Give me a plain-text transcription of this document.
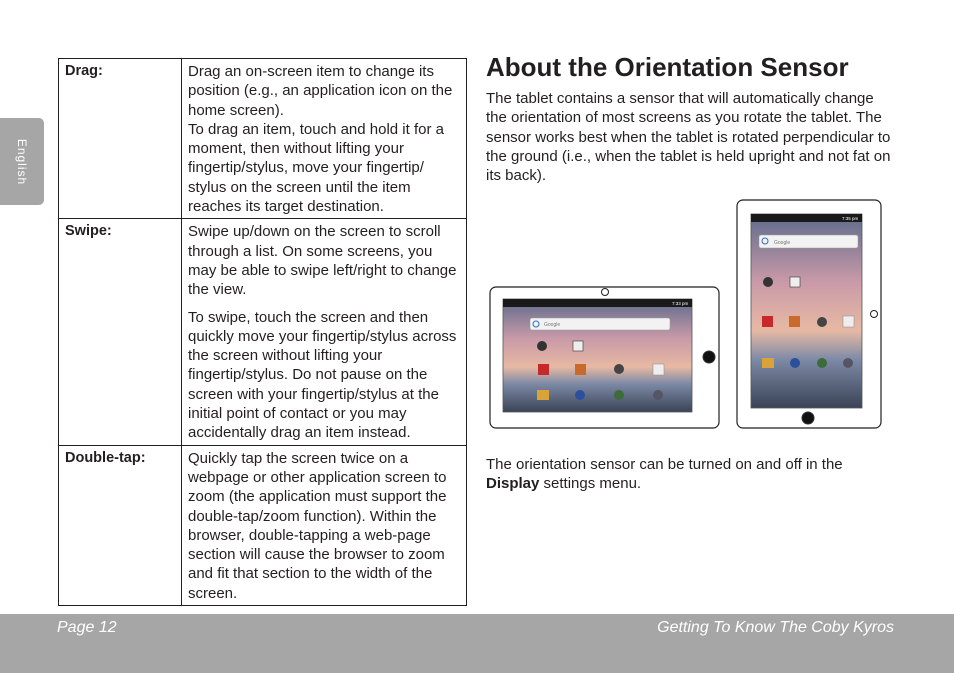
English
Drag:	Drag an on-screen item to change its position (e.g., an application icon on the home screen).

To drag an item, touch and hold it for a moment, then without lifting your fingertip/stylus, move your fingertip/ stylus on the screen until the item reaches its target destination.

Swipe:	Swipe up/down on the screen to scroll through a list. On some screens, you may be able to swipe left/right to change the view.

To swipe, touch the screen and then quickly move your fingertip/stylus across the screen without lifting your fingertip/stylus. Do not pause on the screen with your fingertip/stylus at the initial point of contact or you may accidentally drag an item instead.

Double-tap:	Quickly tap the screen twice on a webpage or other application screen to zoom (the application must support the double-tap/zoom function). Within the browser, double-tapping a web-page section will cause the browser to zoom and fit that section to the width of the screen.

About the Orientation Sensor

The tablet contains a sensor that will automatically change the orientation of most screens as you rotate the tablet. The sensor works best when the tablet is rotated perpendicular to the ground (i.e., when the tablet is held upright and not fat on its back).

7:33 pm
Google
7:35 pm
Google

The orientation sensor can be turned on and off in the Display settings menu.

Page 12	Getting To Know The Coby Kyros
